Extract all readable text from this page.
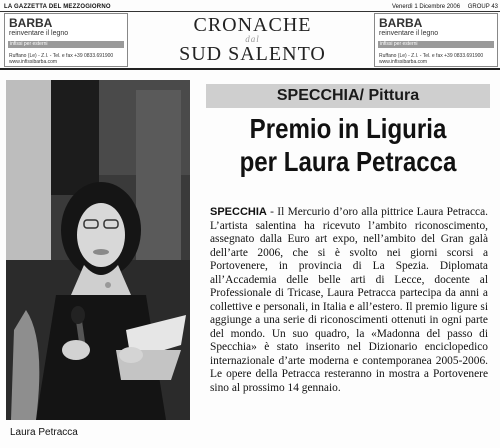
LA GAZZETTA DEL MEZZOGIORNO	Venerdì 1 Dicembre 2006 GROUP 43
BARBA
reinventare il legno
infissi per esterni
Ruffano (Le) - Z.I. - Tel. e fax +39 0833.691900 www.infissibarba.com
CRONACHE
dal
SUD SALENTO
BARBA
reinventare il legno
infissi per esterni
Ruffano (Le) - Z.I. - Tel. e fax +39 0833.691900 www.infissibarba.com
Laura Petracca
SPECCHIA/ Pittura
Premio in Liguria
per Laura Petracca
SPECCHIA - Il Mercurio d’oro alla pittrice Laura Petracca. L’artista salentina ha ricevuto l’ambito riconoscimento, assegnato dalla Euro art expo, nell’ambito del Gran galà dell’arte 2006, che si è svolto nei giorni scorsi a Portovenere, in provincia di La Spezia. Diplomata all’Accademia delle belle arti di Lecce, docente al Professionale di Tricase, Laura Petracca partecipa da anni a collettive e personali, in Italia e all’estero. Il premio ligure si aggiunge a una serie di riconoscimenti ottenuti in ogni parte del mondo. Un suo quadro, la «Madonna del passo di Specchia» è stato inserito nel Dizionario enciclopedico internazionale d’arte moderna e contemporanea 2005-2006. Le opere della Petracca resteranno in mostra a Portovenere sino al prossimo 14 gennaio.
